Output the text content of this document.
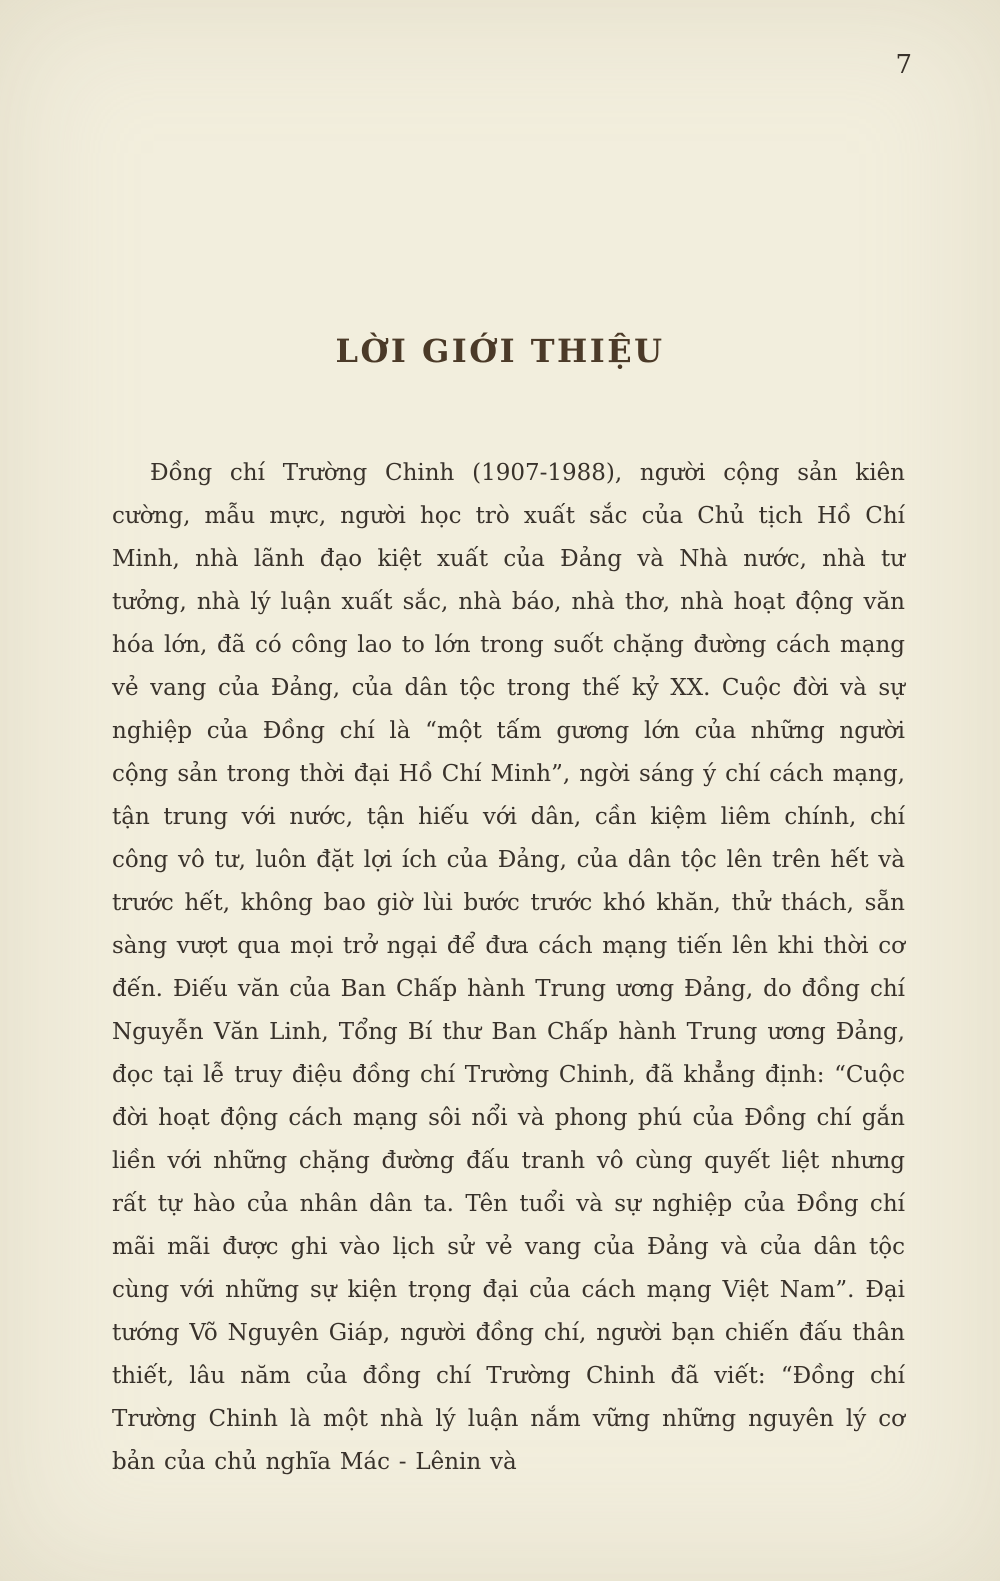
7
LỜI GIỚI THIỆU

Đồng chí Trường Chinh (1907-1988), người cộng sản kiên cường, mẫu mực, người học trò xuất sắc của Chủ tịch Hồ Chí Minh, nhà lãnh đạo kiệt xuất của Đảng và Nhà nước, nhà tư tưởng, nhà lý luận xuất sắc, nhà báo, nhà thơ, nhà hoạt động văn hóa lớn, đã có công lao to lớn trong suốt chặng đường cách mạng vẻ vang của Đảng, của dân tộc trong thế kỷ XX. Cuộc đời và sự nghiệp của Đồng chí là “một tấm gương lớn của những người cộng sản trong thời đại Hồ Chí Minh”, ngời sáng ý chí cách mạng, tận trung với nước, tận hiếu với dân, cần kiệm liêm chính, chí công vô tư, luôn đặt lợi ích của Đảng, của dân tộc lên trên hết và trước hết, không bao giờ lùi bước trước khó khăn, thử thách, sẵn sàng vượt qua mọi trở ngại để đưa cách mạng tiến lên khi thời cơ đến. Điếu văn của Ban Chấp hành Trung ương Đảng, do đồng chí Nguyễn Văn Linh, Tổng Bí thư Ban Chấp hành Trung ương Đảng, đọc tại lễ truy điệu đồng chí Trường Chinh, đã khẳng định: “Cuộc đời hoạt động cách mạng sôi nổi và phong phú của Đồng chí gắn liền với những chặng đường đấu tranh vô cùng quyết liệt nhưng rất tự hào của nhân dân ta. Tên tuổi và sự nghiệp của Đồng chí mãi mãi được ghi vào lịch sử vẻ vang của Đảng và của dân tộc cùng với những sự kiện trọng đại của cách mạng Việt Nam”. Đại tướng Võ Nguyên Giáp, người đồng chí, người bạn chiến đấu thân thiết, lâu năm của đồng chí Trường Chinh đã viết: “Đồng chí Trường Chinh là một nhà lý luận nắm vững những nguyên lý cơ bản của chủ nghĩa Mác - Lênin và
